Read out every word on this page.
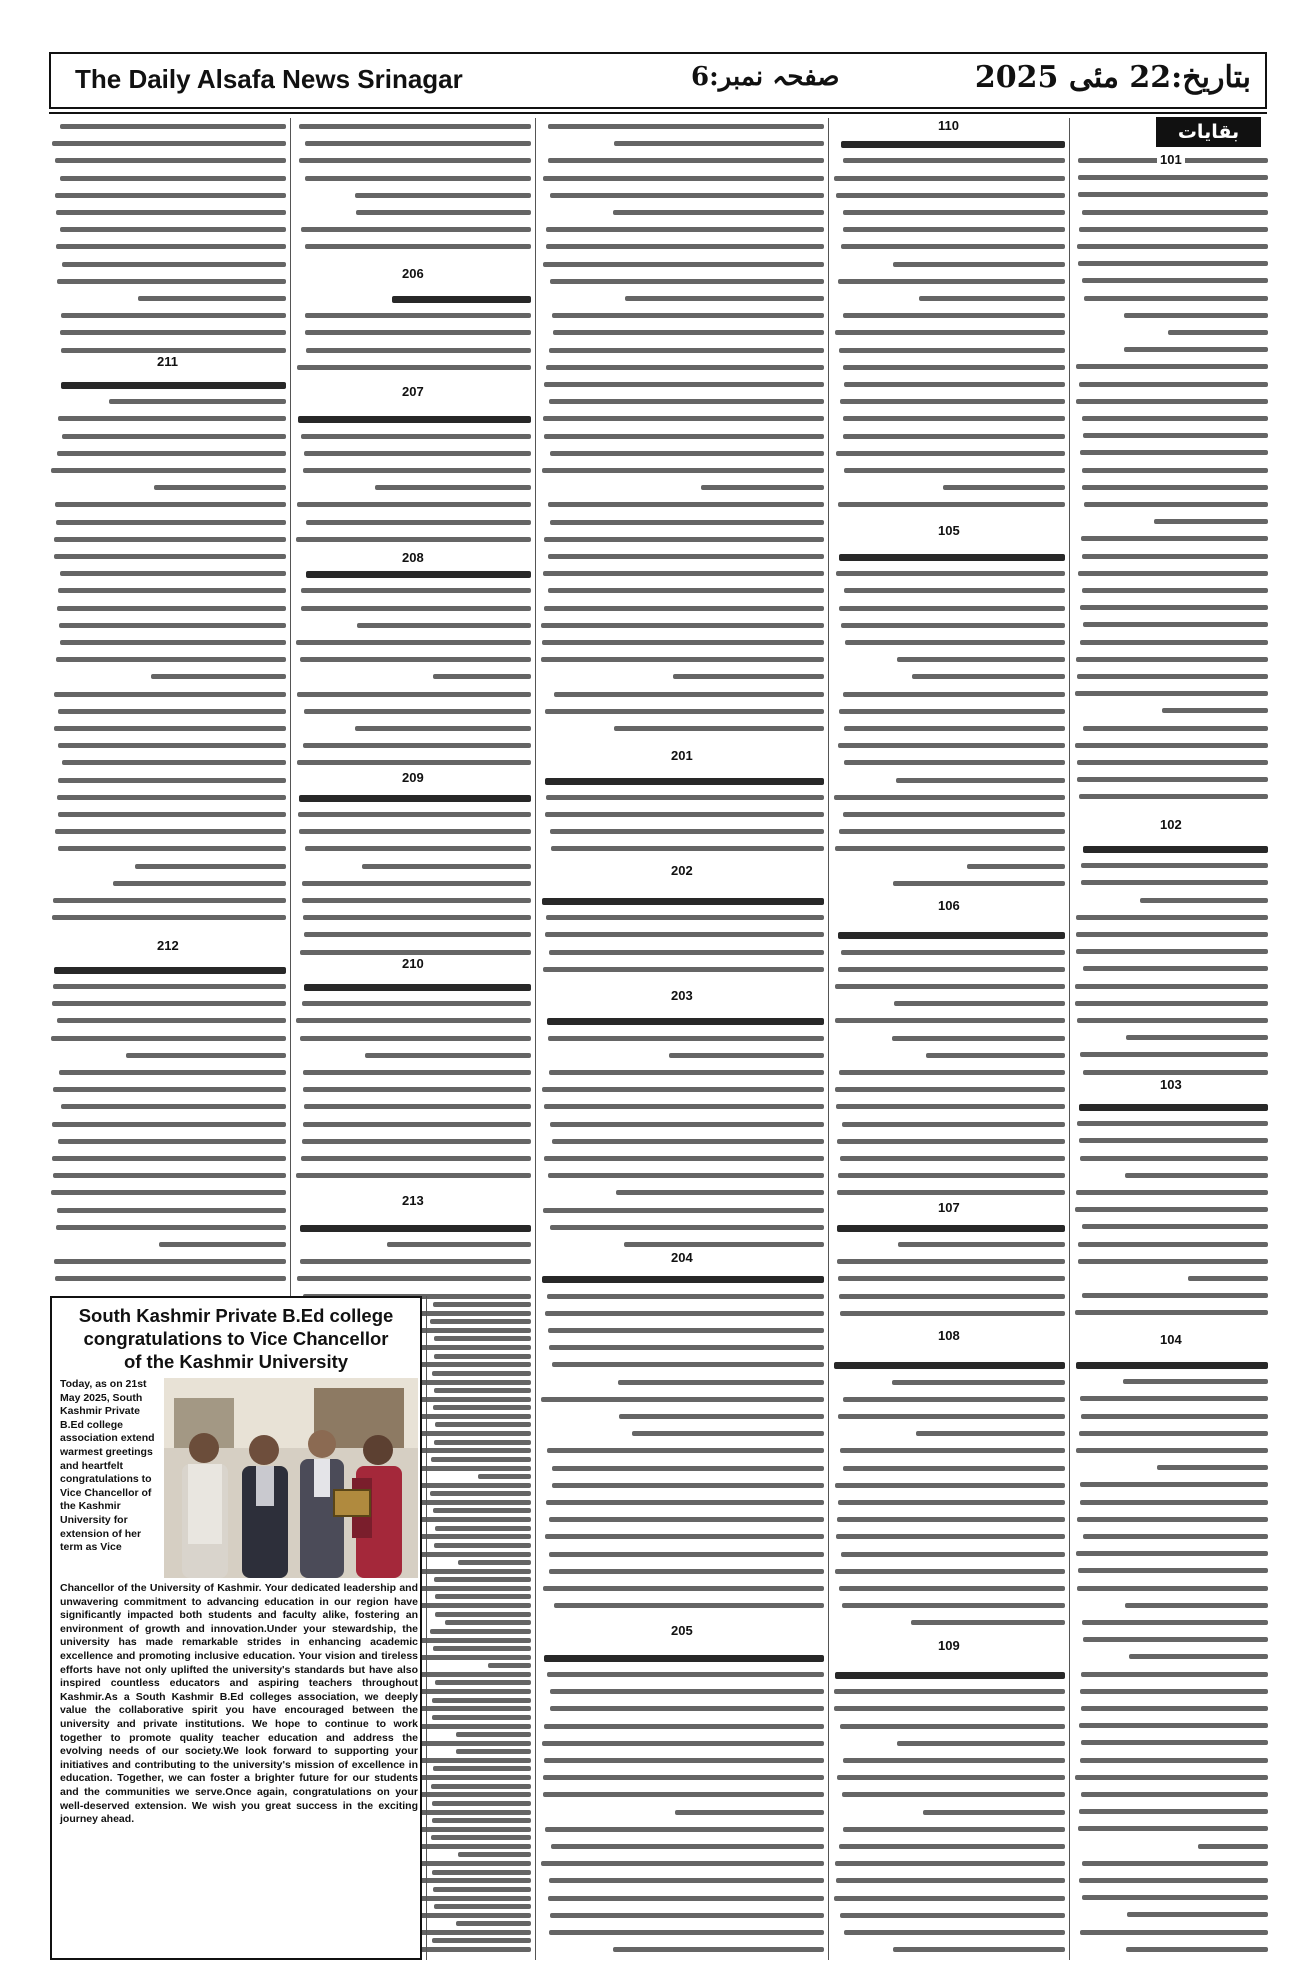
The Daily Alsafa News Srinagar	صفحہ نمبر:6	بتاریخ:22 مئی 2025
بقایات
101
102
103
104
110
105
106
107
108
109
201
202
203
204
205
206
207
208
209
210
213
211
212
South Kashmir Private B.Ed college
congratulations to Vice Chancellor
of the Kashmir University
Today, as on 21st May 2025, South Kashmir Private B.Ed college association extend warmest greetings and heartfelt congratulations to Vice Chancellor of the Kashmir University for extension of her term as Vice
Chancellor of the University of Kashmir. Your dedicated leadership and unwavering commitment to advancing education in our region have significantly impacted both students and faculty alike, fostering an environment of growth and innovation.Under your stewardship, the university has made remarkable strides in enhancing academic excellence and promoting inclusive education. Your vision and tireless efforts have not only uplifted the university's standards but have also inspired countless educators and aspiring teachers throughout Kashmir.As a South Kashmir B.Ed colleges association, we deeply value the collaborative spirit you have encouraged between the university and private institutions. We hope to continue to work together to promote quality teacher education and address the evolving needs of our society.We look forward to supporting your initiatives and contributing to the university's mission of excellence in education. Together, we can foster a brighter future for our students and the communities we serve.Once again, congratulations on your well-deserved extension. We wish you great success in the exciting journey ahead.
